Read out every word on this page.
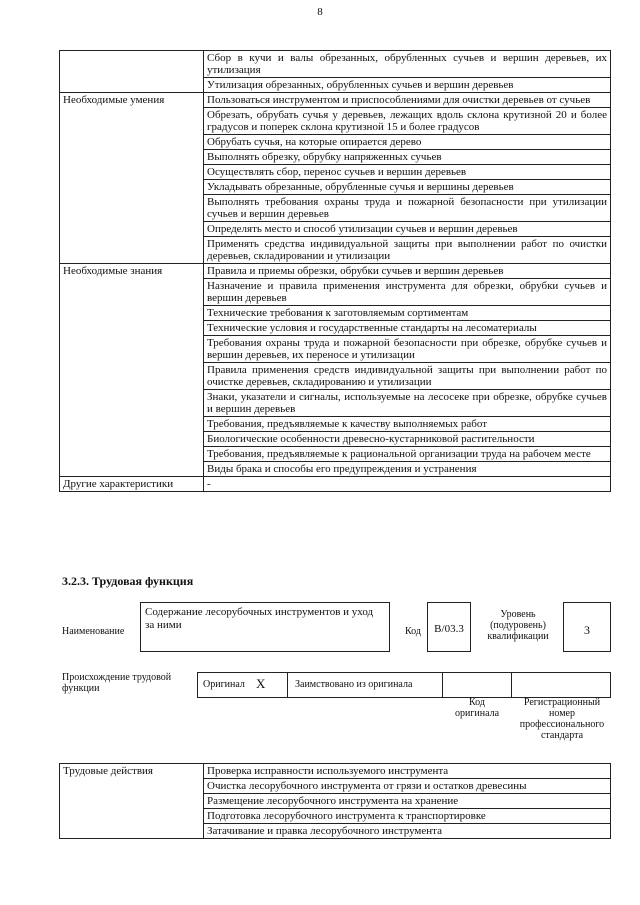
8
	Сбор в кучи и валы обрезанных, обрубленных сучьев и вершин деревьев, их утилизация
	Утилизация обрезанных, обрубленных сучьев и вершин деревьев
Необходимые умения	Пользоваться инструментом и приспособлениями для очистки деревьев от сучьев
	Обрезать, обрубать сучья у деревьев, лежащих вдоль склона крутизной 20 и более градусов и поперек склона крутизной 15 и более градусов
	Обрубать сучья, на которые опирается дерево
	Выполнять обрезку, обрубку напряженных сучьев
	Осуществлять сбор, перенос сучьев и вершин деревьев
	Укладывать обрезанные, обрубленные сучья и вершины деревьев
	Выполнять требования охраны труда и пожарной безопасности при утилизации сучьев и вершин деревьев
	Определять место и способ утилизации сучьев и вершин деревьев
	Применять средства индивидуальной защиты при выполнении работ по очистки деревьев, складировании и утилизации
Необходимые знания	Правила и приемы обрезки, обрубки сучьев и вершин деревьев
	Назначение и правила применения инструмента для обрезки, обрубки сучьев и вершин деревьев
	Технические требования к заготовляемым сортиментам
	Технические условия и государственные стандарты на лесоматериалы
	Требования охраны труда и пожарной безопасности при обрезке, обрубке сучьев и вершин деревьев, их переносе и утилизации
	Правила применения средств индивидуальной защиты при выполнении работ по очистке деревьев, складированию и утилизации
	Знаки, указатели и сигналы, используемые на лесосеке при обрезке, обрубке сучьев и вершин деревьев
	Требования, предъявляемые к качеству выполняемых работ
	Биологические особенности древесно-кустарниковой растительности
	Требования, предъявляемые к рациональной организации труда на рабочем месте
	Виды брака и способы его предупреждения и устранения
Другие характеристики	-
3.2.3. Трудовая функция
Наименование
Содержание лесорубочных инструментов и уход за ними
Код	B/03.3
Уровень (подуровень) квалификации	3
Происхождение трудовой функции	Оригинал X	Заимствовано из оригинала
Код оригинала
Регистрационный номер профессионального стандарта
Трудовые действия	Проверка исправности используемого инструмента
Очистка лесорубочного инструмента от грязи и остатков древесины
Размещение лесорубочного инструмента на хранение
Подготовка лесорубочного инструмента к транспортировке
Затачивание и правка лесорубочного инструмента
